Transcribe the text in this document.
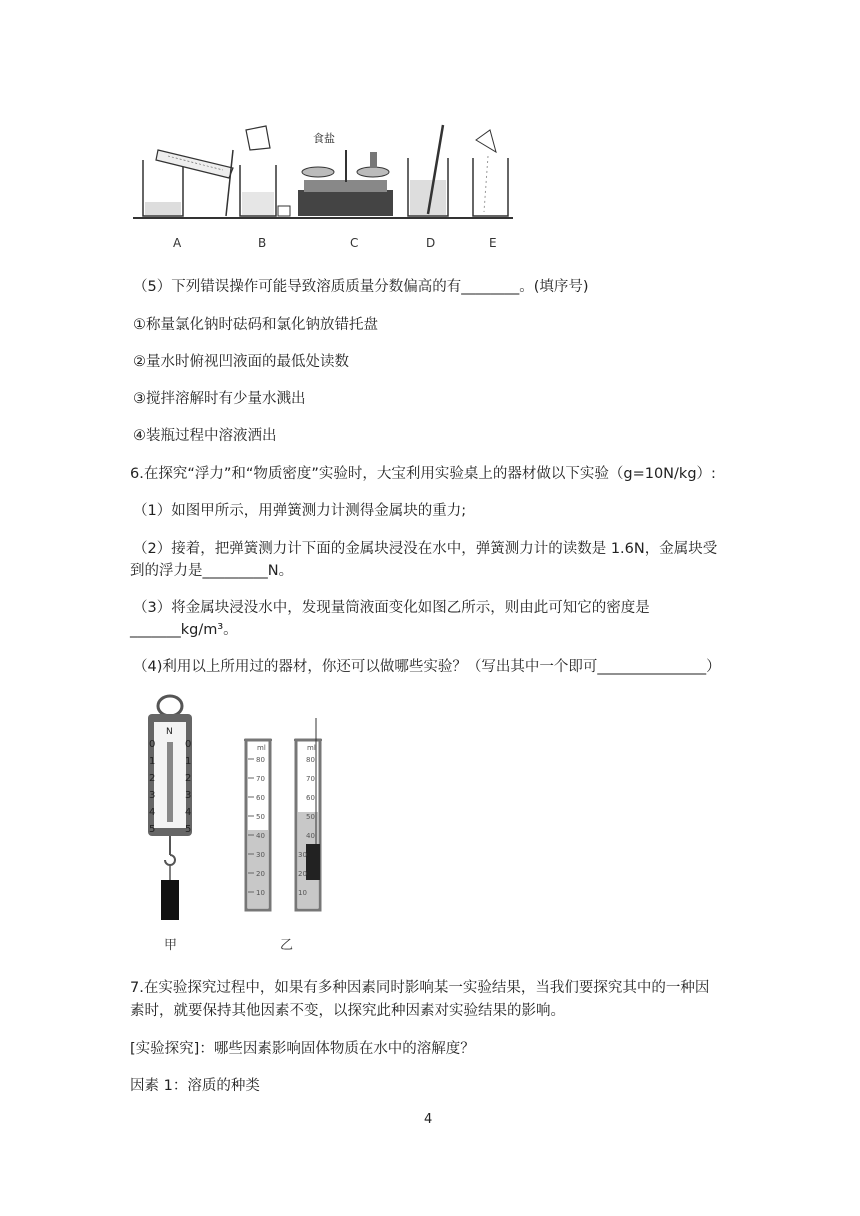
食盐
A	B	C	D	E
（5）下列错误操作可能导致溶质质量分数偏高的有________。(填序号)
①称量氯化钠时砝码和氯化钠放错托盘
②量水时俯视凹液面的最低处读数
③搅拌溶解时有少量水溅出
④装瓶过程中溶液洒出
6.在探究“浮力”和“物质密度”实验时，大宝利用实验桌上的器材做以下实验（g=10N/kg）:
（1）如图甲所示，用弹簧测力计测得金属块的重力;
（2）接着，把弹簧测力计下面的金属块浸没在水中，弹簧测力计的读数是 1.6N，金属块受
到的浮力是_________N。
（3）将金属块浸没水中，发现量筒液面变化如图乙所示，则由此可知它的密度是
_______kg/m³。
（4)利用以上所用过的器材，你还可以做哪些实验？（写出其中一个即可_______________）
N
0
1
2
3
4
5
0
1
2
3
4
5
ml
80
70
60
50
40
30
20
10
ml
80
70
60
50
40
30
20
10
甲	乙
7.在实验探究过程中，如果有多种因素同时影响某一实验结果，当我们要探究其中的一种因
素时，就要保持其他因素不变，以探究此种因素对实验结果的影响。
[实验探究]：哪些因素影响固体物质在水中的溶解度？
因素 1：溶质的种类
4
